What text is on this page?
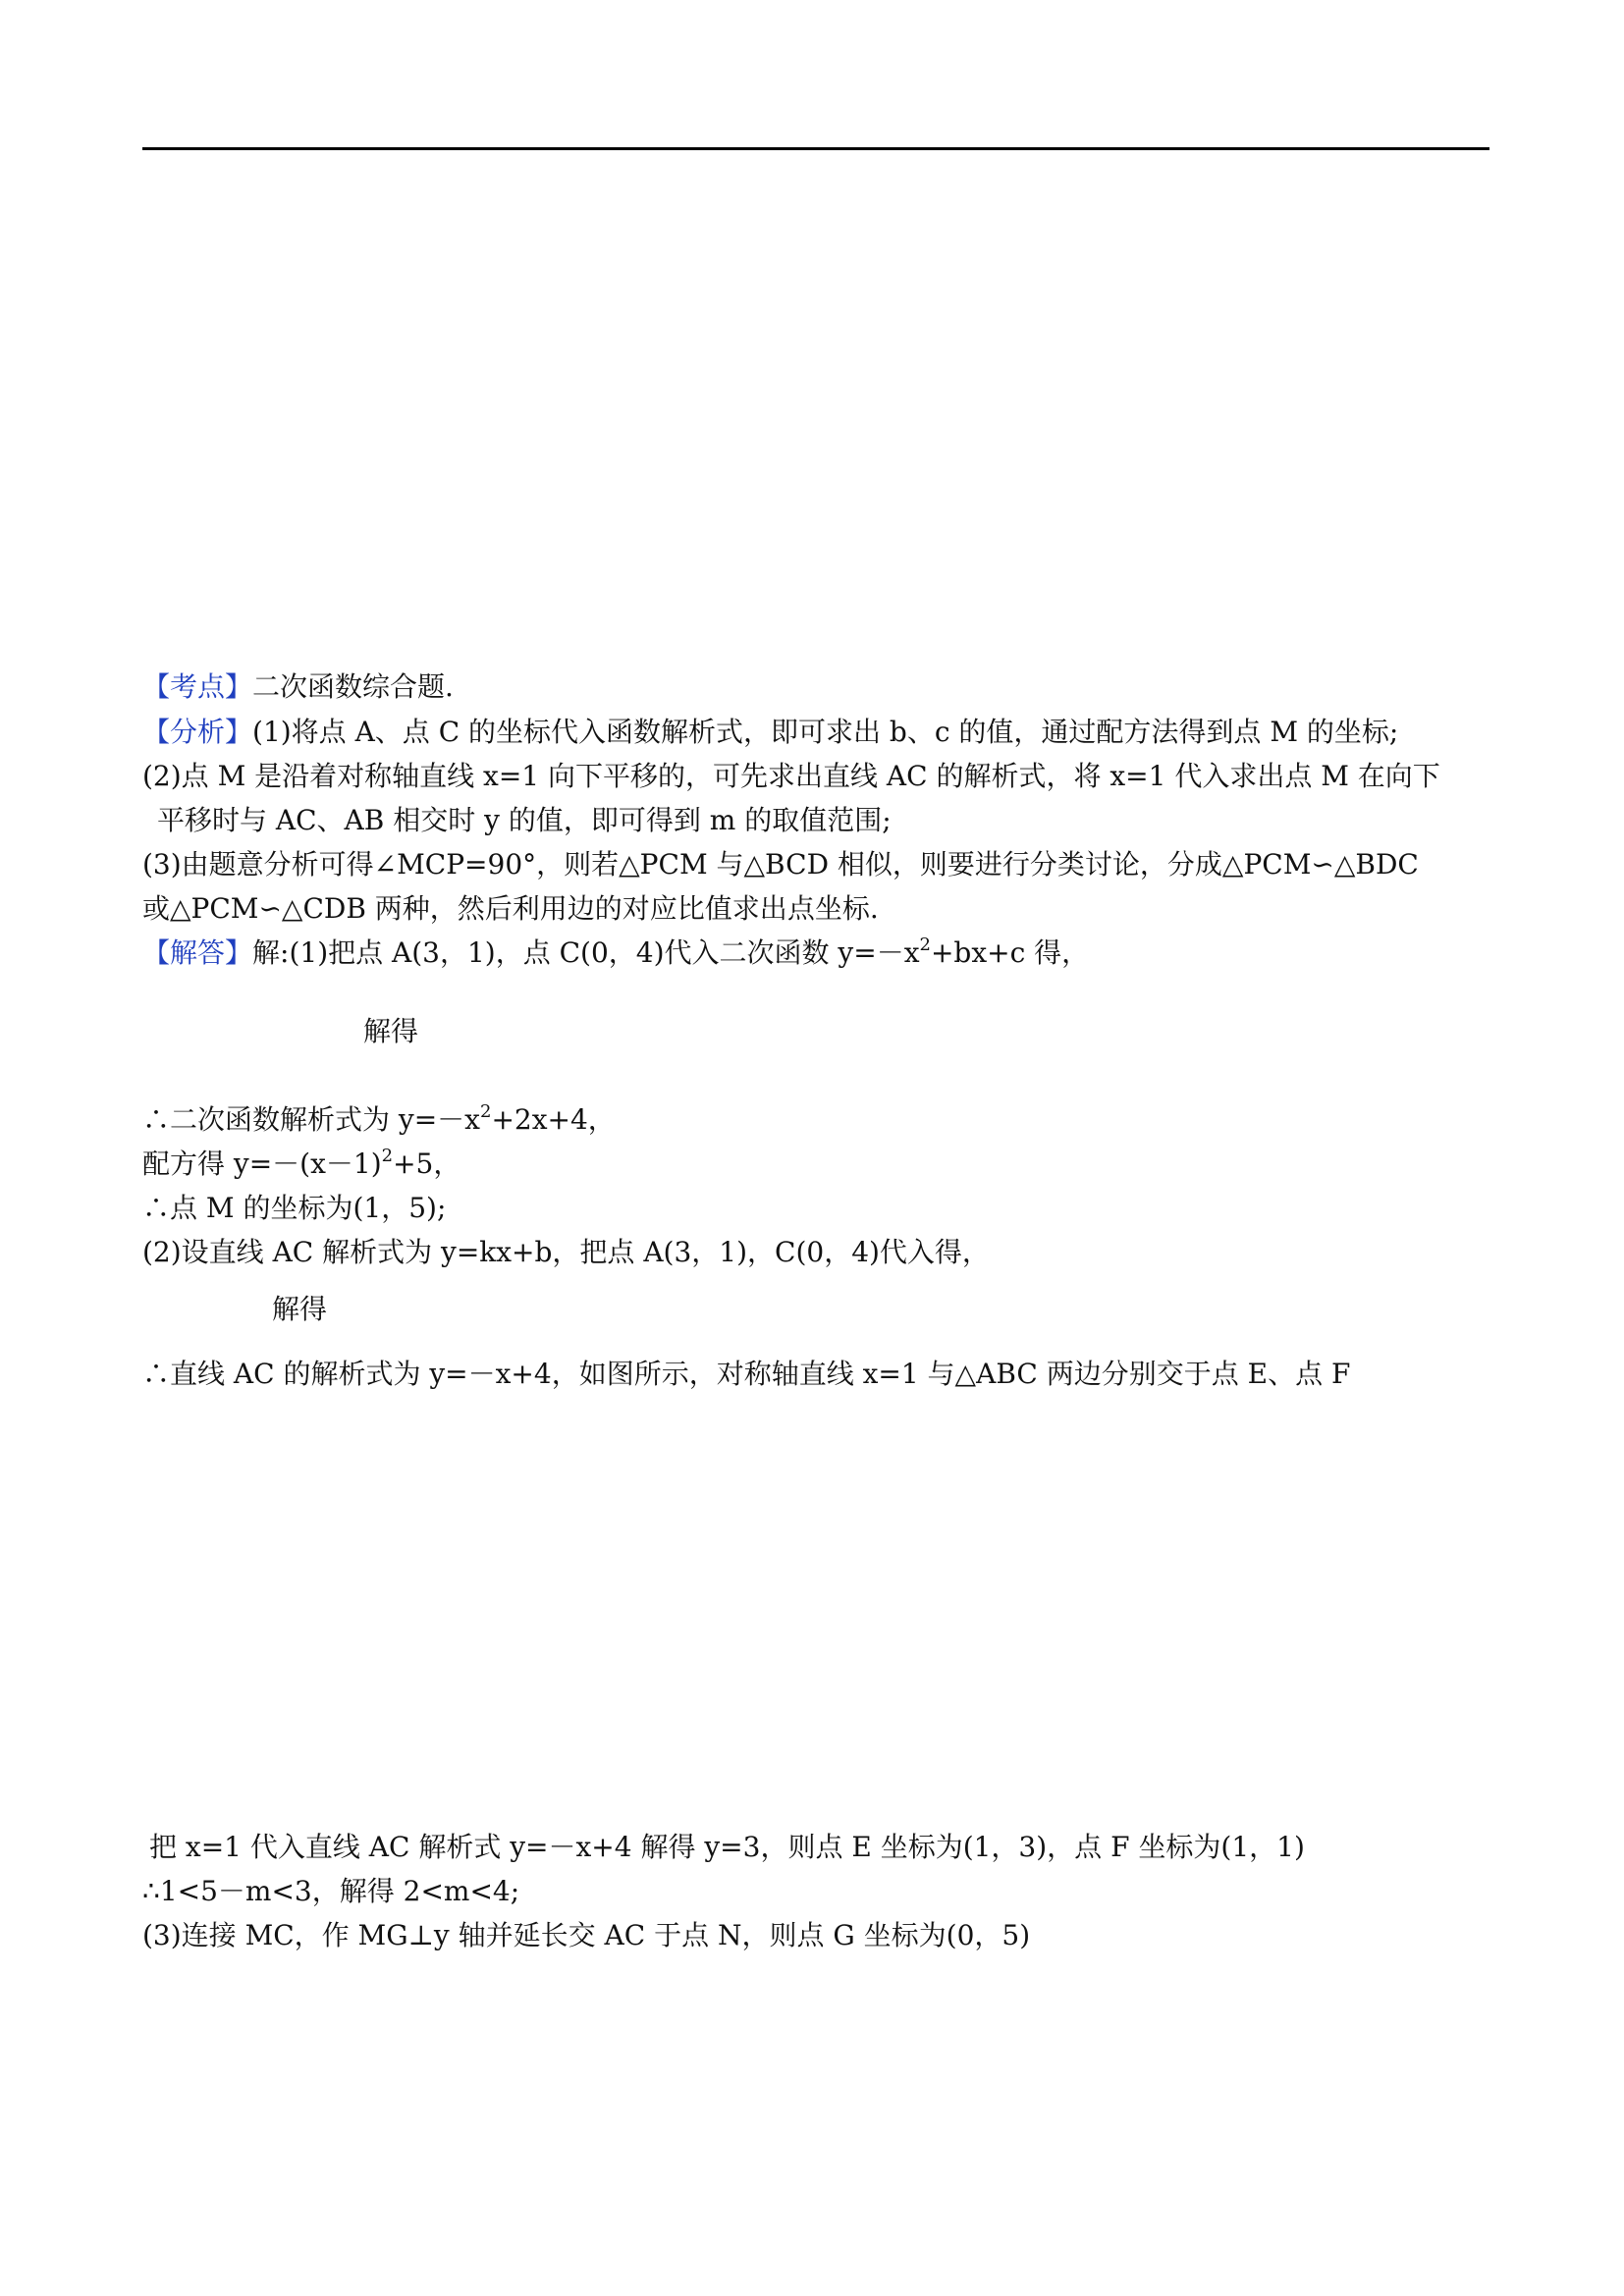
【考点】二次函数综合题.
【分析】(1)将点 A、点 C 的坐标代入函数解析式，即可求出 b、c 的值，通过配方法得到点 M 的坐标;
(2)点 M 是沿着对称轴直线 x=1 向下平移的，可先求出直线 AC 的解析式，将 x=1 代入求出点 M 在向下
平移时与 AC、AB 相交时 y 的值，即可得到 m 的取值范围;
(3)由题意分析可得∠MCP=90°，则若△PCM 与△BCD 相似，则要进行分类讨论，分成△PCM∽△BDC
或△PCM∽△CDB 两种，然后利用边的对应比值求出点坐标.
【解答】解:(1)把点 A(3，1)，点 C(0，4)代入二次函数 $y=-x^2+bx+c$ 得，
解得
∴二次函数解析式为 $y=-x^2+2x+4$，
配方得 $y=-(x-1)^2+5$，
∴点 M 的坐标为(1，5);
(2)设直线 AC 解析式为 y=kx+b，把点 A(3，1)，C(0，4)代入得，
解得
∴直线 AC 的解析式为 y=－x+4，如图所示，对称轴直线 x=1 与△ABC 两边分别交于点 E、点 F
把 x=1 代入直线 AC 解析式 y=－x+4 解得 y=3，则点 E 坐标为(1，3)，点 F 坐标为(1，1)
∴1<5－m<3，解得 2<m<4;
(3)连接 MC，作 MG⊥y 轴并延长交 AC 于点 N，则点 G 坐标为(0，5)
